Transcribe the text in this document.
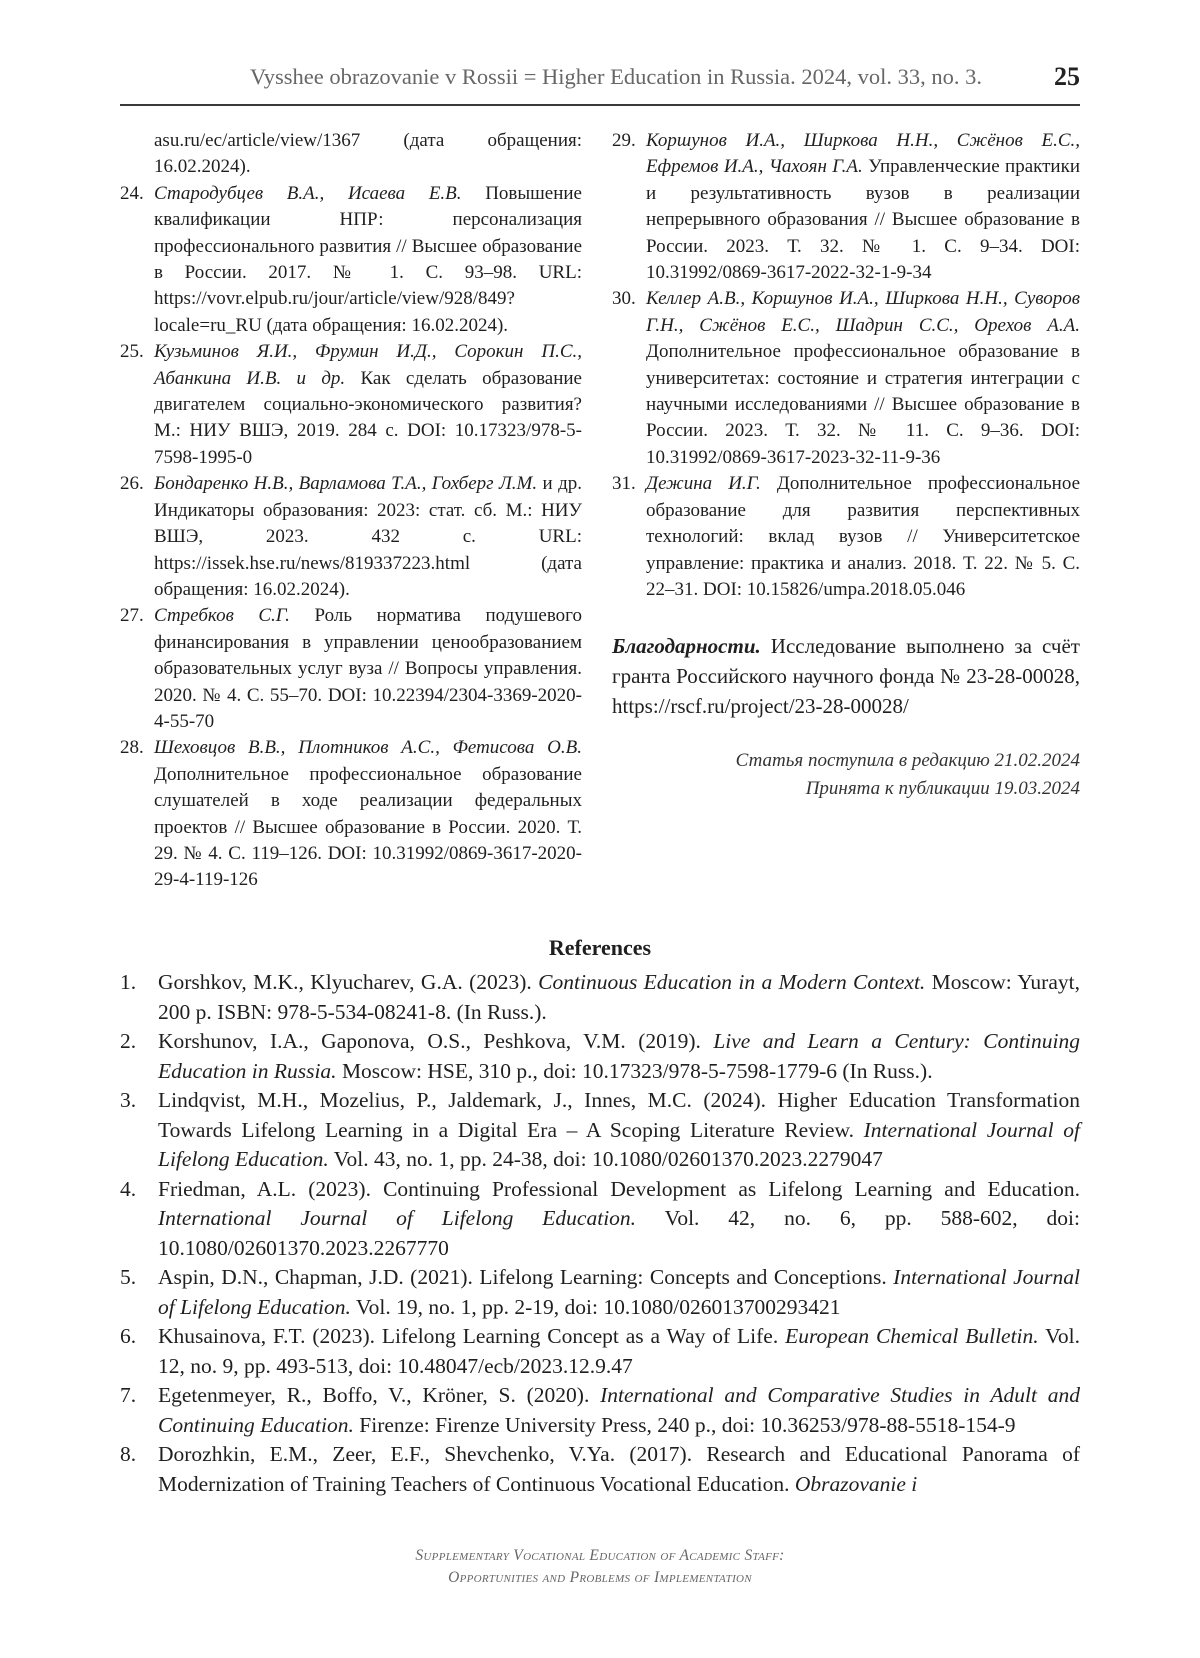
Vysshee obrazovanie v Rossii = Higher Education in Russia. 2024, vol. 33, no. 3.	25
asu.ru/ec/article/view/1367 (дата обращения: 16.02.2024).
24. Стародубцев В.А., Исаева Е.В. Повышение квалификации НПР: персонализация профессионального развития // Высшее образование в России. 2017. № 1. С. 93–98. URL: https://vovr.elpub.ru/jour/article/view/928/849?locale=ru_RU (дата обращения: 16.02.2024).
25. Кузьминов Я.И., Фрумин И.Д., Сорокин П.С., Абанкина И.В. и др. Как сделать образование двигателем социально-экономического развития? М.: НИУ ВШЭ, 2019. 284 с. DOI: 10.17323/978-5-7598-1995-0
26. Бондаренко Н.В., Варламова Т.А., Гохберг Л.М. и др. Индикаторы образования: 2023: стат. сб. М.: НИУ ВШЭ, 2023. 432 с. URL: https://issek.hse.ru/news/819337223.html (дата обращения: 16.02.2024).
27. Стребков С.Г. Роль норматива подушевого финансирования в управлении ценообразованием образовательных услуг вуза // Вопросы управления. 2020. № 4. С. 55–70. DOI: 10.22394/2304-3369-2020-4-55-70
28. Шеховцов В.В., Плотников А.С., Фетисова О.В. Дополнительное профессиональное образование слушателей в ходе реализации федеральных проектов // Высшее образование в России. 2020. Т. 29. № 4. С. 119–126. DOI: 10.31992/0869-3617-2020-29-4-119-126
29. Коршунов И.А., Ширкова Н.Н., Сжёнов Е.С., Ефремов И.А., Чахоян Г.А. Управленческие практики и результативность вузов в реализации непрерывного образования // Высшее образование в России. 2023. Т. 32. № 1. С. 9–34. DOI: 10.31992/0869-3617-2022-32-1-9-34
30. Келлер А.В., Коршунов И.А., Ширкова Н.Н., Суворов Г.Н., Сжёнов Е.С., Шадрин С.С., Орехов А.А. Дополнительное профессиональное образование в университетах: состояние и стратегия интеграции с научными исследованиями // Высшее образование в России. 2023. Т. 32. № 11. С. 9–36. DOI: 10.31992/0869-3617-2023-32-11-9-36
31. Дежина И.Г. Дополнительное профессиональное образование для развития перспективных технологий: вклад вузов // Университетское управление: практика и анализ. 2018. Т. 22. № 5. С. 22–31. DOI: 10.15826/umpa.2018.05.046
Благодарности. Исследование выполнено за счёт гранта Российского научного фонда № 23-28-00028, https://rscf.ru/project/23-28-00028/
Статья поступила в редакцию 21.02.2024
Принята к публикации 19.03.2024
References
1. Gorshkov, M.K., Klyucharev, G.A. (2023). Continuous Education in a Modern Context. Moscow: Yurayt, 200 p. ISBN: 978-5-534-08241-8. (In Russ.).
2. Korshunov, I.A., Gaponova, O.S., Peshkova, V.M. (2019). Live and Learn a Century: Continuing Education in Russia. Moscow: HSE, 310 p., doi: 10.17323/978-5-7598-1779-6 (In Russ.).
3. Lindqvist, M.H., Mozelius, P., Jaldemark, J., Innes, M.C. (2024). Higher Education Transformation Towards Lifelong Learning in a Digital Era – A Scoping Literature Review. International Journal of Lifelong Education. Vol. 43, no. 1, pp. 24-38, doi: 10.1080/02601370.2023.2279047
4. Friedman, A.L. (2023). Continuing Professional Development as Lifelong Learning and Education. International Journal of Lifelong Education. Vol. 42, no. 6, pp. 588-602, doi: 10.1080/02601370.2023.2267770
5. Aspin, D.N., Chapman, J.D. (2021). Lifelong Learning: Concepts and Conceptions. International Journal of Lifelong Education. Vol. 19, no. 1, pp. 2-19, doi: 10.1080/026013700293421
6. Khusainova, F.T. (2023). Lifelong Learning Concept as a Way of Life. European Chemical Bulletin. Vol. 12, no. 9, pp. 493-513, doi: 10.48047/ecb/2023.12.9.47
7. Egetenmeyer, R., Boffo, V., Kröner, S. (2020). International and Comparative Studies in Adult and Continuing Education. Firenze: Firenze University Press, 240 p., doi: 10.36253/978-88-5518-154-9
8. Dorozhkin, E.M., Zeer, E.F., Shevchenko, V.Ya. (2017). Research and Educational Panorama of Modernization of Training Teachers of Continuous Vocational Education. Obrazovanie i
Supplementary Vocational Education of Academic Staff:
Opportunities and Problems of Implementation
